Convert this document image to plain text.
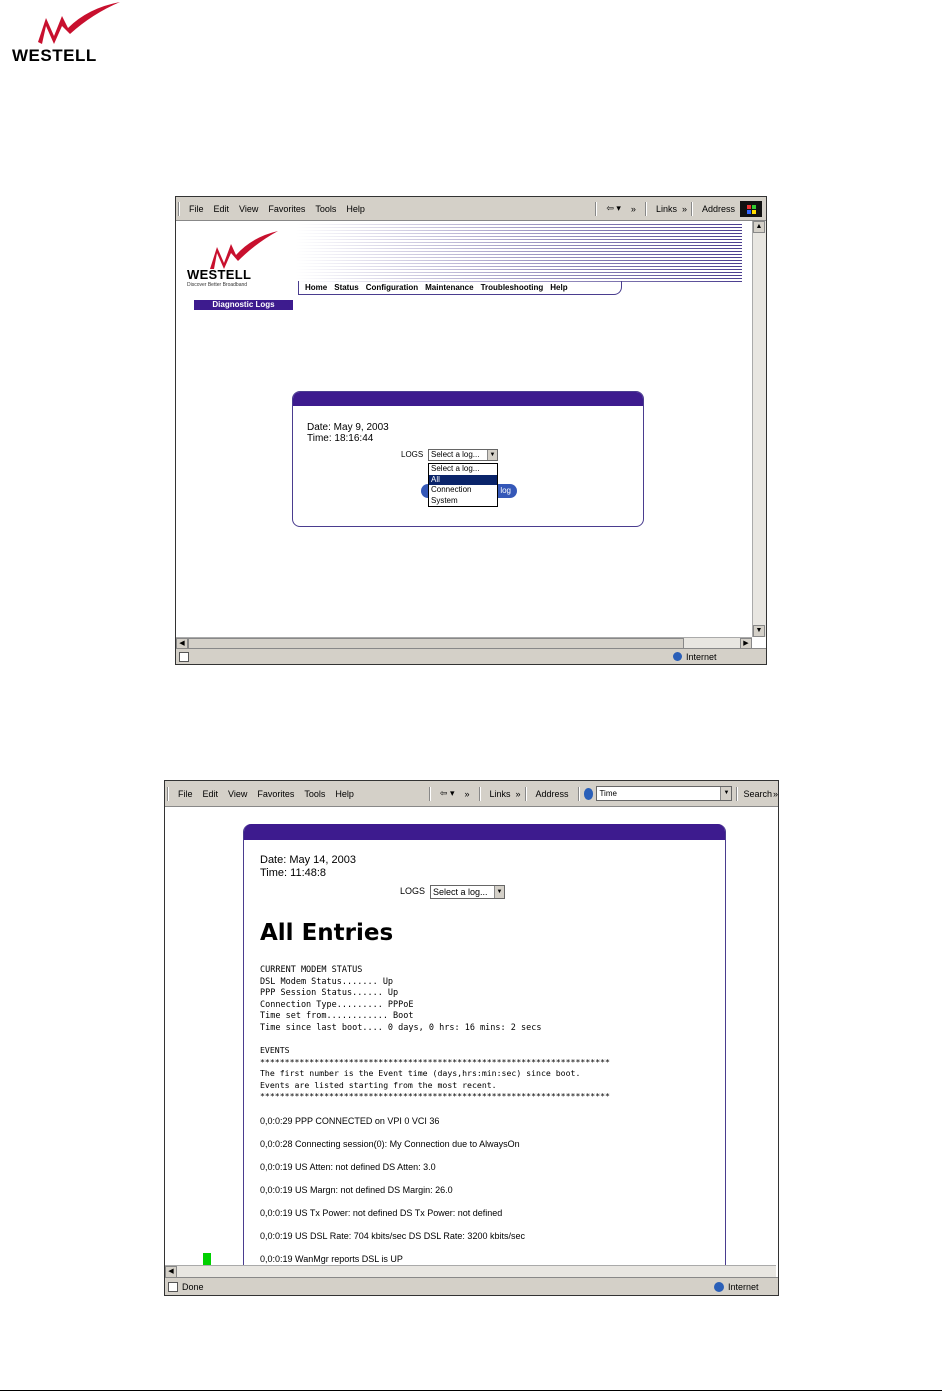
WESTELL
File	Edit	View	Favorites	Tools	Help	⇦ ▾	»	Links »	Address
WESTELL
Discover Better Broadband	Home Status Configuration Maintenance Troubleshooting Help
Diagnostic Logs
Date: May 9, 2003
Time: 18:16:44
LOGS Select a log...	▼
log
Select a log...
All
Connection
System
▲
▼
◀	▶
Internet
File	Edit	View	Favorites	Tools	Help	⇦ ▾	»	Links »	Address	Time	▼ Search »
Date: May 14, 2003
Time: 11:48:8
LOGS Select a log...	▼
All Entries
CURRENT MODEM STATUS
DSL Modem Status....... Up
PPP Session Status...... Up
Connection Type......... PPPoE
Time set from............ Boot
Time since last boot.... 0 days, 0 hrs: 16 mins: 2 secs
EVENTS
***********************************************************************
The first number is the Event time (days,hrs:min:sec) since boot.
Events are listed starting from the most recent.
***********************************************************************
0,0:0:29 PPP CONNECTED on VPI 0 VCI 36
0,0:0:28 Connecting session(0): My Connection due to AlwaysOn
0,0:0:19 US Atten: not defined DS Atten: 3.0
0,0:0:19 US Margn: not defined DS Margin: 26.0
0,0:0:19 US Tx Power: not defined DS Tx Power: not defined
0,0:0:19 US DSL Rate: 704 kbits/sec DS DSL Rate: 3200 kbits/sec
0,0:0:19 WanMgr reports DSL is UP
◀
Done	Internet
